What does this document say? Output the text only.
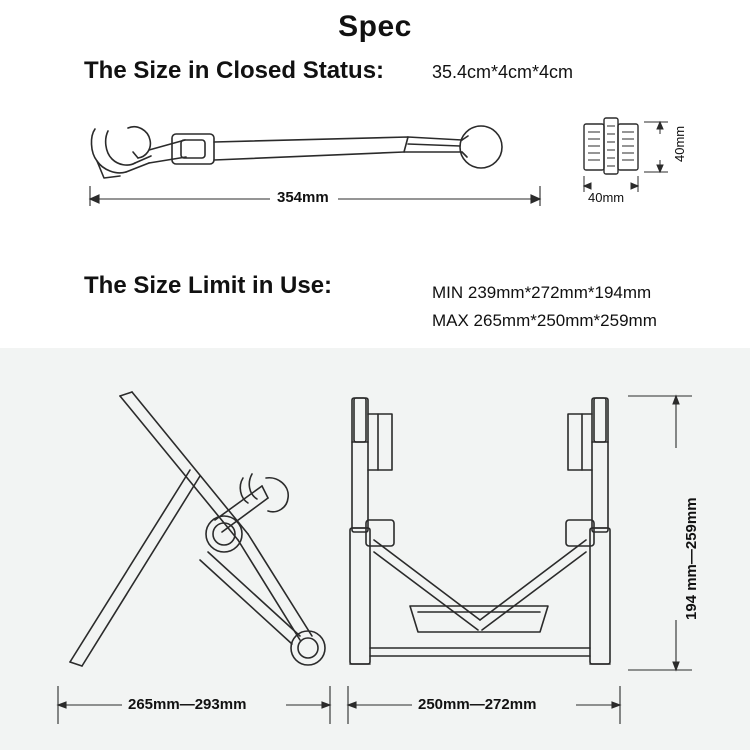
Spec
The Size in Closed Status:	35.4cm*4cm*4cm
354mm	40mm
40mm
The Size Limit in Use:	MIN 239mm*272mm*194mm
MAX 265mm*250mm*259mm
265mm—293mm	250mm—272mm
194 mm—259mm
